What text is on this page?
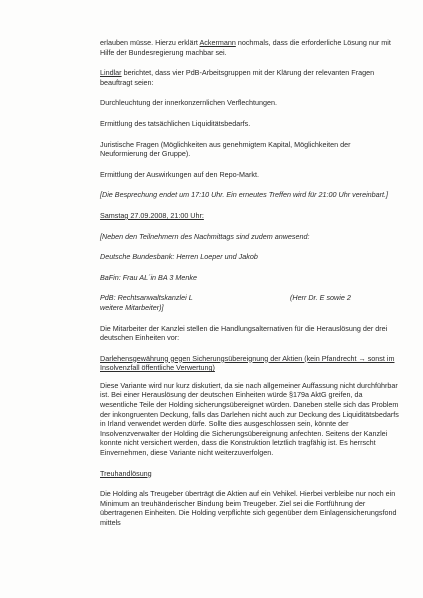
erlauben müsse. Hierzu erklärt Ackermann nochmals, dass die erforderliche Lösung nur mit Hilfe der Bundesregierung machbar sei.

Lindlar berichtet, dass vier PdB-Arbeitsgruppen mit der Klärung der relevanten Fragen beauftragt seien:

Durchleuchtung der innerkonzernlichen Verflechtungen.

Ermittlung des tatsächlichen Liquiditätsbedarfs.

Juristische Fragen (Möglichkeiten aus genehmigtem Kapital, Möglichkeiten der Neuformierung der Gruppe).

Ermittlung der Auswirkungen auf den Repo-Markt.

[Die Besprechung endet um 17:10 Uhr. Ein erneutes Treffen wird für 21:00 Uhr vereinbart.]

Samstag 27.09.2008, 21:00 Uhr:

[Neben den Teilnehmern des Nachmittags sind zudem anwesend:

Deutsche Bundesbank: Herren Loeper und Jakob

BaFin: Frau AL´in BA 3 Menke

PdB: Rechtsanwaltskanzlei L	(Herr Dr. E sowie 2

weitere Mitarbeiter)]

Die Mitarbeiter der Kanzlei stellen die Handlungsalternativen für die Herauslösung der drei deutschen Einheiten vor:

Darlehensgewährung gegen Sicherungsübereignung der Aktien (kein Pfandrecht → sonst im Insolvenzfall öffentliche Verwertung)

Diese Variante wird nur kurz diskutiert, da sie nach allgemeiner Auffassung nicht durchführbar ist. Bei einer Herauslösung der deutschen Einheiten würde §179a AktG greifen, da wesentliche Teile der Holding sicherungsübereignet würden. Daneben stelle sich das Problem der inkongruenten Deckung, falls das Darlehen nicht auch zur Deckung des Liquiditätsbedarfs in Irland verwendet werden dürfe. Sollte dies ausgeschlossen sein, könnte der Insolvenzverwalter der Holding die Sicherungsübereignung anfechten. Seitens der Kanzlei konnte nicht versichert werden, dass die Konstruktion letztlich tragfähig ist. Es herrscht Einvernehmen, diese Variante nicht weiterzuverfolgen.

Treuhandlösung

Die Holding als Treugeber überträgt die Aktien auf ein Vehikel. Hierbei verbleibe nur noch ein Minimum an treuhänderischer Bindung beim Treugeber. Ziel sei die Fortführung der übertragenen Einheiten. Die Holding verpflichte sich gegenüber dem Einlagensicherungsfond mittels
